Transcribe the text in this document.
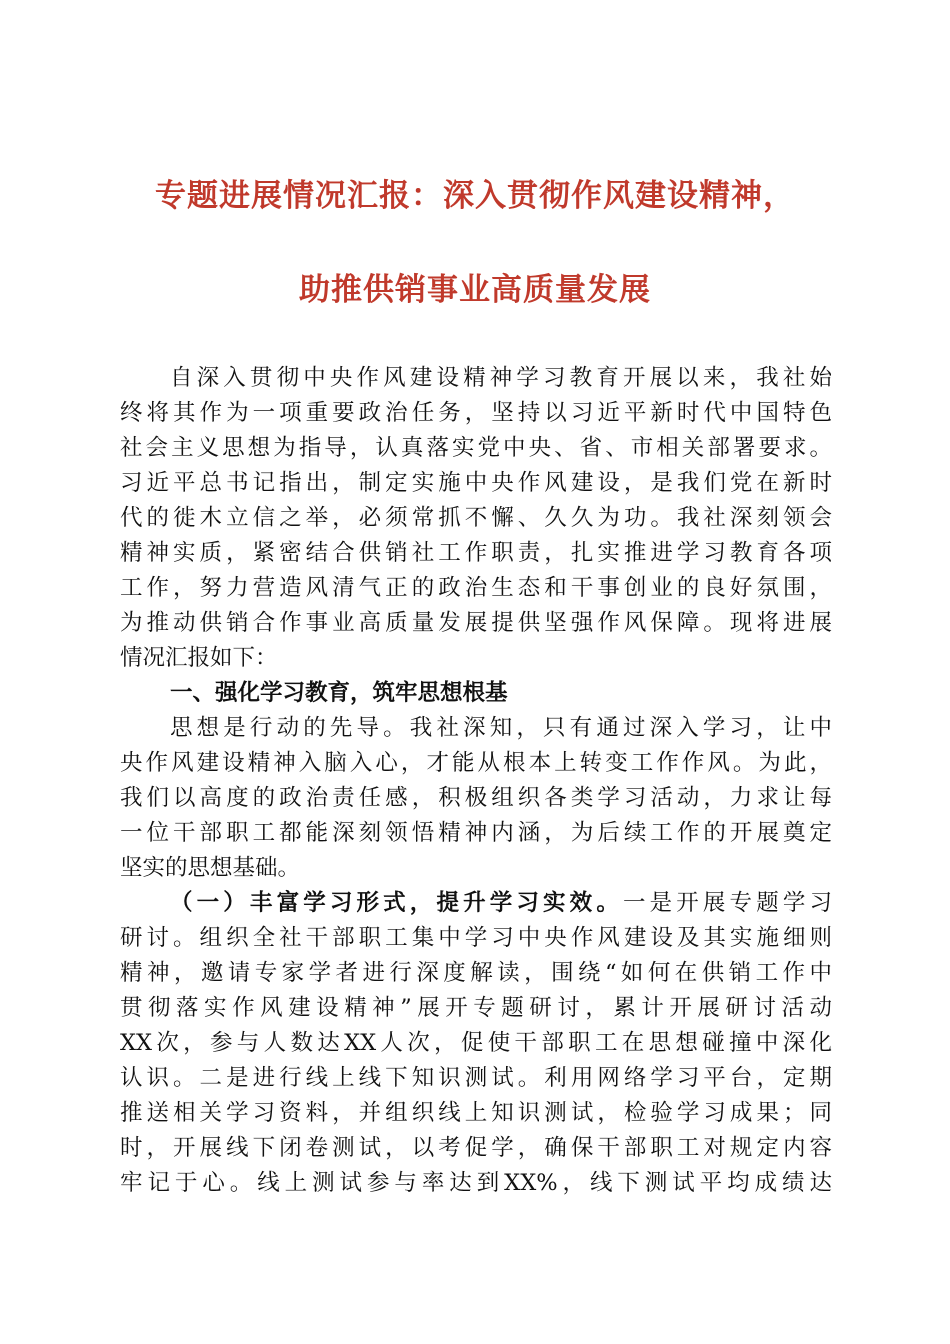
专题进展情况汇报：深入贯彻作风建设精神，
助推供销事业高质量发展
自深入贯彻中央作风建设精神学习教育开展以来，我社始
终将其作为一项重要政治任务，坚持以习近平新时代中国特色
社会主义思想为指导，认真落实党中央、省、市相关部署要求。
习近平总书记指出，制定实施中央作风建设，是我们党在新时
代的徙木立信之举，必须常抓不懈、久久为功。我社深刻领会
精神实质，紧密结合供销社工作职责，扎实推进学习教育各项
工作，努力营造风清气正的政治生态和干事创业的良好氛围，
为推动供销合作事业高质量发展提供坚强作风保障。现将进展
情况汇报如下：
一、强化学习教育，筑牢思想根基
思想是行动的先导。我社深知，只有通过深入学习，让中
央作风建设精神入脑入心，才能从根本上转变工作作风。为此，
我们以高度的政治责任感，积极组织各类学习活动，力求让每
一位干部职工都能深刻领悟精神内涵，为后续工作的开展奠定
坚实的思想基础。
（一）丰富学习形式，提升学习实效。一是开展专题学习
研讨。组织全社干部职工集中学习中央作风建设及其实施细则
精神，邀请专家学者进行深度解读，围绕“如何在供销工作中
贯彻落实作风建设精神”展开专题研讨，累计开展研讨活动
XX次，参与人数达XX人次，促使干部职工在思想碰撞中深化
认识。二是进行线上线下知识测试。利用网络学习平台，定期
推送相关学习资料，并组织线上知识测试，检验学习成果；同
时，开展线下闭卷测试，以考促学，确保干部职工对规定内容
牢记于心。线上测试参与率达到XX%，线下测试平均成绩达
